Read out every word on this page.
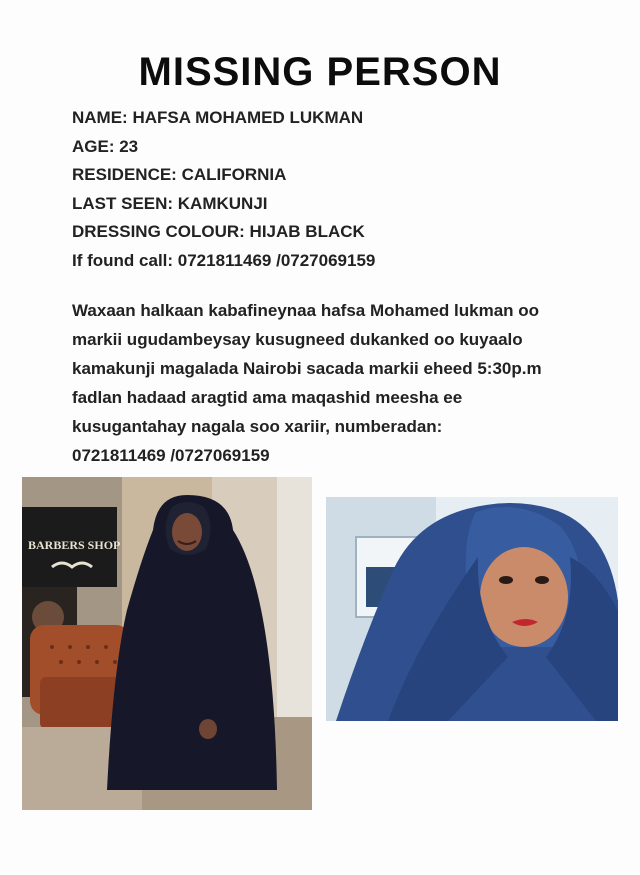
MISSING PERSON
NAME: HAFSA MOHAMED LUKMAN
AGE: 23
RESIDENCE: CALIFORNIA
LAST SEEN: KAMKUNJI
DRESSING COLOUR: HIJAB BLACK
If found call: 0721811469 /0727069159
Waxaan halkaan kabafineynaa hafsa Mohamed lukman oo
markii ugudambeysay kusugneed dukanked oo kuyaalo
kamakunji magalada Nairobi sacada markii eheed 5:30p.m
fadlan hadaad aragtid ama maqashid meesha ee
kusugantahay nagala soo xariir, numberadan:
0721811469 /0727069159
BARBERS SHOP
